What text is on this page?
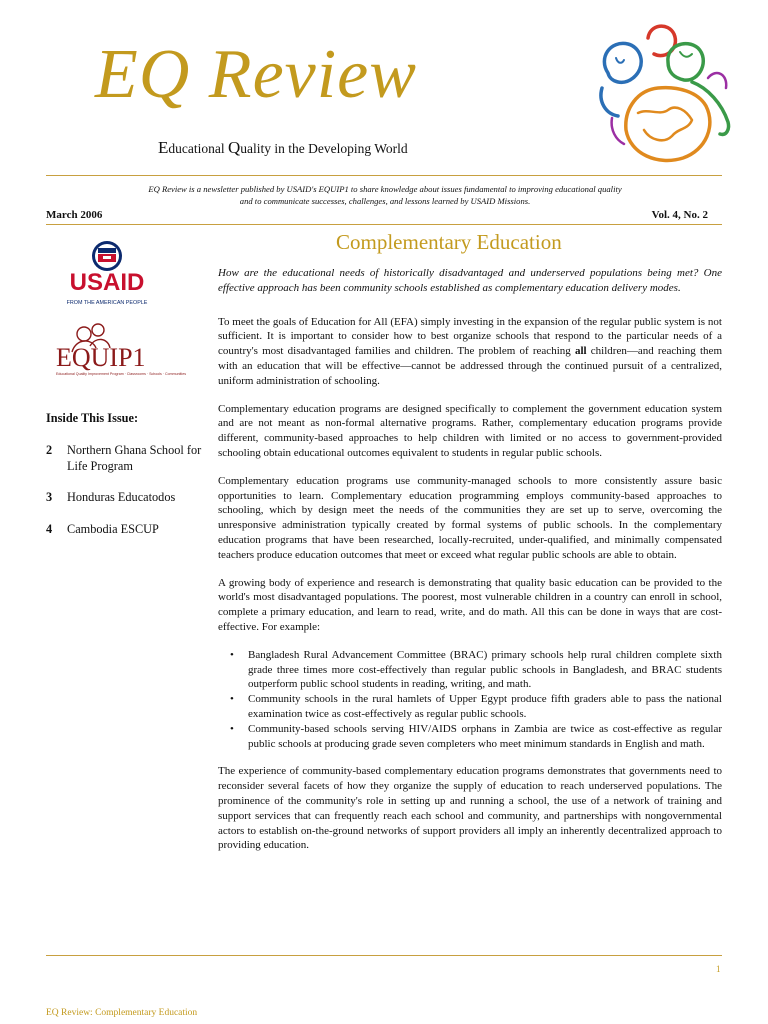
EQ Review
Educational Quality in the Developing World
EQ Review is a newsletter published by USAID's EQUIP1 to share knowledge about issues fundamental to improving educational quality
and to communicate successes, challenges, and lessons learned by USAID Missions.
March 2006	Vol. 4, No. 2
USAID
FROM THE AMERICAN PEOPLE
EQUIP1
Educational Quality Improvement Program · Classrooms · Schools · Communities
Inside This Issue:
2 Northern Ghana School for Life Program
3 Honduras Educatodos
4 Cambodia ESCUP
Complementary Education

How are the educational needs of historically disadvantaged and underserved populations being met? One effective approach has been community schools established as complementary education delivery modes.

To meet the goals of Education for All (EFA) simply investing in the expansion of the regular public system is not sufficient. It is important to consider how to best organize schools that respond to the particular needs of a country's most disadvantaged families and children. The problem of reaching all children—and reaching them with an education that will be effective—cannot be addressed through the continued pursuit of a centralized, uniform administration of schooling.

Complementary education programs are designed specifically to complement the government education system and are not meant as non-formal alternative programs. Rather, complementary education programs provide different, community-based approaches to help children with limited or no access to government-provided schooling obtain educational outcomes equivalent to students in regular public schools.

Complementary education programs use community-managed schools to more consistently assure basic opportunities to learn. Complementary education programming employs community-based approaches to schooling, which by design meet the needs of the communities they are set up to serve, overcoming the unresponsive administration typically created by formal systems of public schools. In the complementary education programs that have been researched, locally-recruited, under-qualified, and minimally compensated teachers produce education outcomes that meet or exceed what regular public schools are able to obtain.

A growing body of experience and research is demonstrating that quality basic education can be provided to the world's most disadvantaged populations. The poorest, most vulnerable children in a country can enroll in school, complete a primary education, and learn to read, write, and do math. All this can be done in ways that are cost-effective. For example:

• Bangladesh Rural Advancement Committee (BRAC) primary schools help rural children complete sixth grade three times more cost-effectively than regular public schools in Bangladesh, and BRAC students outperform public school students in reading, writing, and math.
• Community schools in the rural hamlets of Upper Egypt produce fifth graders able to pass the national examination twice as cost-effectively as regular public schools.
• Community-based schools serving HIV/AIDS orphans in Zambia are twice as cost-effective as regular public schools at producing grade seven completers who meet minimum standards in English and math.

The experience of community-based complementary education programs demonstrates that governments need to reconsider several facets of how they organize the supply of education to reach underserved populations. The prominence of the community's role in setting up and running a school, the use of a network of training and support services that can frequently reach each school and community, and partnerships with nongovernmental actors to establish on-the-ground networks of support providers all imply an inherently decentralized approach to providing education.

1
EQ Review: Complementary Education
